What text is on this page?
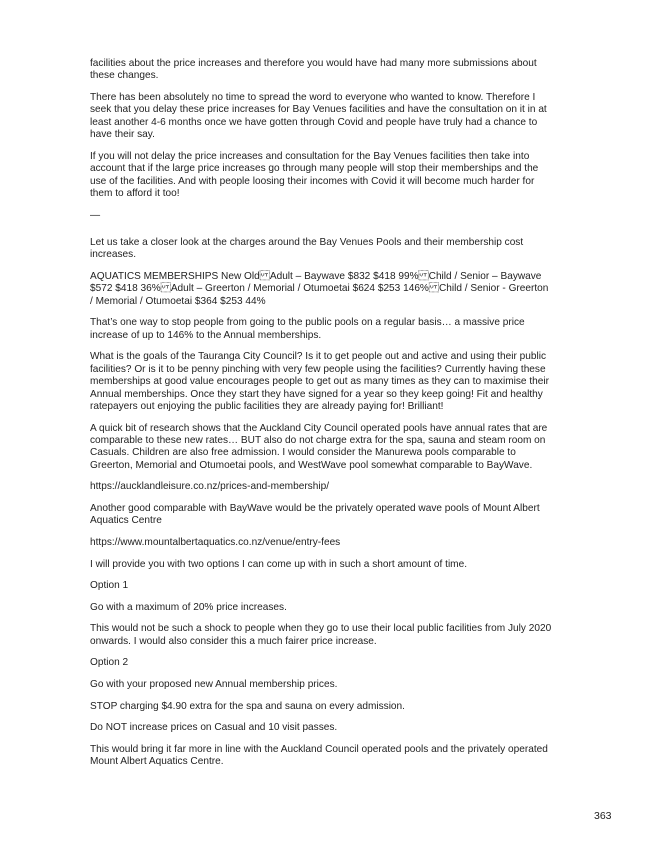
facilities about the price increases and therefore you would have had many more submissions about these changes.

There has been absolutely no time to spread the word to everyone who wanted to know. Therefore I seek that you delay these price increases for Bay Venues facilities and have the consultation on it in at least another 4-6 months once we have gotten through Covid and people have truly had a chance to have their say.

If you will not delay the price increases and consultation for the Bay Venues facilities then take into account that if the large price increases go through many people will stop their memberships and the use of the facilities. And with people loosing their incomes with Covid it will become much harder for them to afford it too!

—

Let us take a closer look at the charges around the Bay Venues Pools and their membership cost increases.

AQUATICS MEMBERSHIPS New OldAdult – Baywave $832 $418 99%Child / Senior – Baywave $572 $418 36%Adult – Greerton / Memorial / Otumoetai $624 $253 146%Child / Senior - Greerton / Memorial / Otumoetai $364 $253 44%

That’s one way to stop people from going to the public pools on a regular basis… a massive price increase of up to 146% to the Annual memberships.

What is the goals of the Tauranga City Council? Is it to get people out and active and using their public facilities? Or is it to be penny pinching with very few people using the facilities? Currently having these memberships at good value encourages people to get out as many times as they can to maximise their Annual memberships. Once they start they have signed for a year so they keep going! Fit and healthy ratepayers out enjoying the public facilities they are already paying for! Brilliant!

A quick bit of research shows that the Auckland City Council operated pools have annual rates that are comparable to these new rates… BUT also do not charge extra for the spa, sauna and steam room on Casuals. Children are also free admission. I would consider the Manurewa pools comparable to Greerton, Memorial and Otumoetai pools, and WestWave pool somewhat comparable to BayWave.

https://aucklandleisure.co.nz/prices-and-membership/

Another good comparable with BayWave would be the privately operated wave pools of Mount Albert Aquatics Centre

https://www.mountalbertaquatics.co.nz/venue/entry-fees

I will provide you with two options I can come up with in such a short amount of time.

Option 1

Go with a maximum of 20% price increases.

This would not be such a shock to people when they go to use their local public facilities from July 2020 onwards. I would also consider this a much fairer price increase.

Option 2

Go with your proposed new Annual membership prices.

STOP charging $4.90 extra for the spa and sauna on every admission.

Do NOT increase prices on Casual and 10 visit passes.

This would bring it far more in line with the Auckland Council operated pools and the privately operated Mount Albert Aquatics Centre.

363
